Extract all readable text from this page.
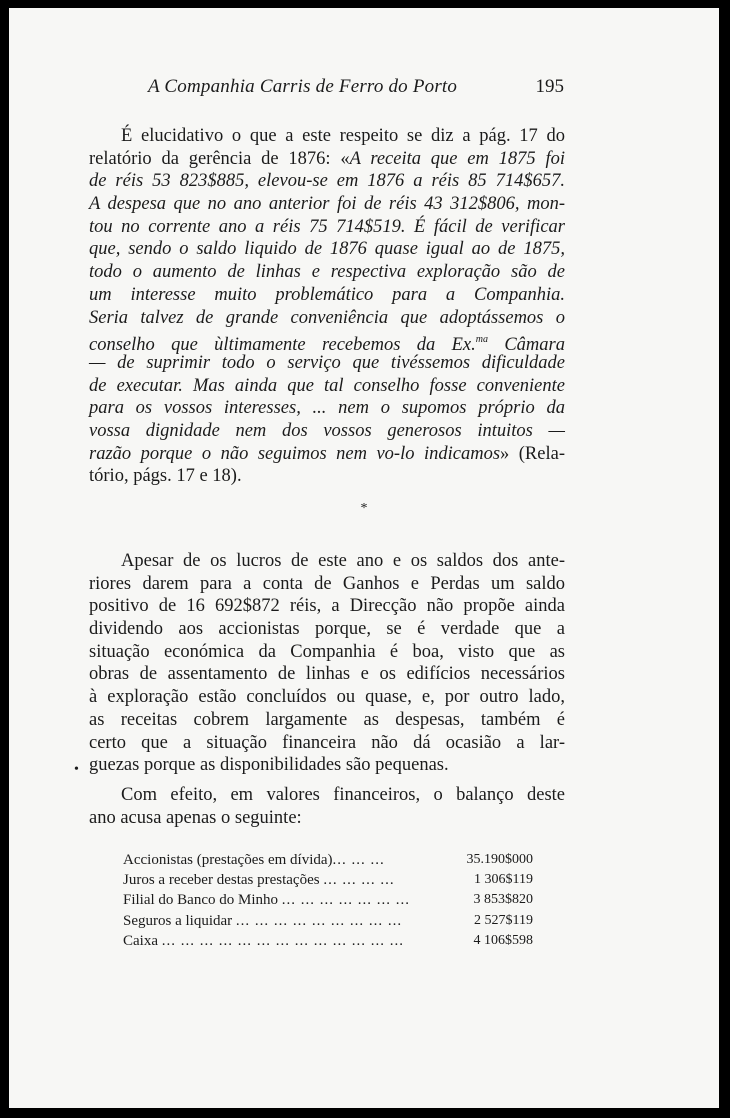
A Companhia Carris de Ferro do Porto	195
É elucidativo o que a este respeito se diz a pág. 17 do
relatório da gerência de 1876: «A receita que em 1875 foi
de réis 53 823$885, elevou-se em 1876 a réis 85 714$657.
A despesa que no ano anterior foi de réis 43 312$806, mon-
tou no corrente ano a réis 75 714$519. É fácil de verificar
que, sendo o saldo liquido de 1876 quase igual ao de 1875,
todo o aumento de linhas e respectiva exploração são de
um interesse muito problemático para a Companhia.
Seria talvez de grande conveniência que adoptássemos o
conselho que ùltimamente recebemos da Ex.$^{ma}$ Câmara
— de suprimir todo o serviço que tivéssemos dificuldade
de executar. Mas ainda que tal conselho fosse conveniente
para os vossos interesses, ... nem o supomos próprio da
vossa dignidade nem dos vossos generosos intuitos —
razão porque o não seguimos nem vo-lo indicamos» (Rela-
tório, págs. 17 e 18).
*
Apesar de os lucros de este ano e os saldos dos ante-
riores darem para a conta de Ganhos e Perdas um saldo
positivo de 16 692$872 réis, a Direcção não propõe ainda
dividendo aos accionistas porque, se é verdade que a
situação económica da Companhia é boa, visto que as
obras de assentamento de linhas e os edifícios necessários
à exploração estão concluídos ou quase, e, por outro lado,
as receitas cobrem largamente as despesas, também é
certo que a situação financeira não dá ocasião a lar-
guezas porque as disponibilidades são pequenas.
•
Com efeito, em valores financeiros, o balanço deste
ano acusa apenas o seguinte:
Accionistas (prestações em dívida)... ... ...	35.190$000
Juros a receber destas prestações ... ... ... ...	1 306$119
Filial do Banco do Minho ... ... ... ... ... ... ...	3 853$820
Seguros a liquidar ... ... ... ... ... ... ... ... ...	2 527$119
Caixa ... ... ... ... ... ... ... ... ... ... ... ... ...	4 106$598
